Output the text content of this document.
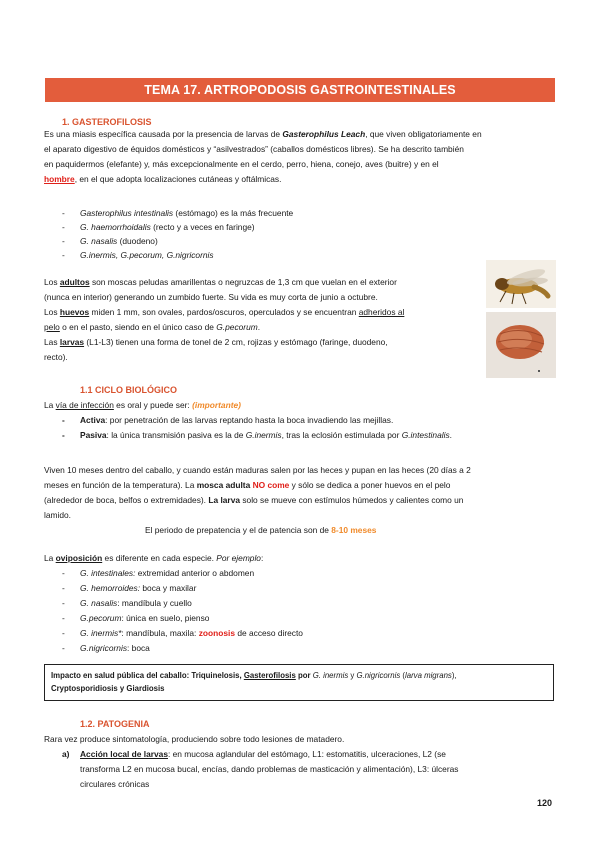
TEMA 17. ARTROPODOSIS GASTROINTESTINALES
1. GASTEROFILOSIS
Es una miasis específica causada por la presencia de larvas de Gasterophilus Leach, que viven obligatoriamente en
el aparato digestivo de équidos domésticos y “asilvestrados” (caballos domésticos libres). Se ha descrito también
en paquidermos (elefante) y, más excepcionalmente en el cerdo, perro, hiena, conejo, aves (buitre) y en el
hombre, en el que adopta localizaciones cutáneas y oftálmicas.
- Gasterophilus intestinalis (estómago) es la más frecuente
- G. haemorrhoidalis (recto y a veces en faringe)
- G. nasalis (duodeno)
- G.inermis, G.pecorum, G.nigricornis
Los adultos son moscas peludas amarillentas o negruzcas de 1,3 cm que vuelan en el exterior
(nunca en interior) generando un zumbido fuerte. Su vida es muy corta de junio a octubre.
Los huevos miden 1 mm, son ovales, pardos/oscuros, operculados y se encuentran adheridos al
pelo o en el pasto, siendo en el único caso de G.pecorum.
Las larvas (L1-L3) tienen una forma de tonel de 2 cm, rojizas y estómago (faringe, duodeno,
recto).
1.1 CICLO BIOLÓGICO
La vía de infección es oral y puede ser: (importante)
- Activa: por penetración de las larvas reptando hasta la boca invadiendo las mejillas.
- Pasiva: la única transmisión pasiva es la de G.inermis, tras la eclosión estimulada por G.intestinalis.
Viven 10 meses dentro del caballo, y cuando están maduras salen por las heces y pupan en las heces (20 días a 2
meses en función de la temperatura). La mosca adulta NO come y sólo se dedica a poner huevos en el pelo
(alrededor de boca, belfos o extremidades). La larva solo se mueve con estímulos húmedos y calientes como un
lamido.
El periodo de prepatencia y el de patencia son de 8-10 meses
La oviposición es diferente en cada especie. Por ejemplo:
- G. intestinales: extremidad anterior o abdomen
- G. hemorroides: boca y maxilar
- G. nasalis: mandíbula y cuello
- G.pecorum: única en suelo, pienso
- G. inermis*: mandíbula, maxila: zoonosis de acceso directo
- G.nigricornis: boca
Impacto en salud pública del caballo: Triquinelosis, Gasterofilosis por G. inermis y G.nigricornis (larva migrans),
Cryptosporidiosis y Giardiosis
1.2. PATOGENIA
Rara vez produce sintomatología, produciendo sobre todo lesiones de matadero.
a) Acción local de larvas: en mucosa aglandular del estómago, L1: estomatitis, ulceraciones, L2 (se
transforma L2 en mucosa bucal, encías, dando problemas de masticación y alimentación), L3: úlceras
circulares crónicas
120
